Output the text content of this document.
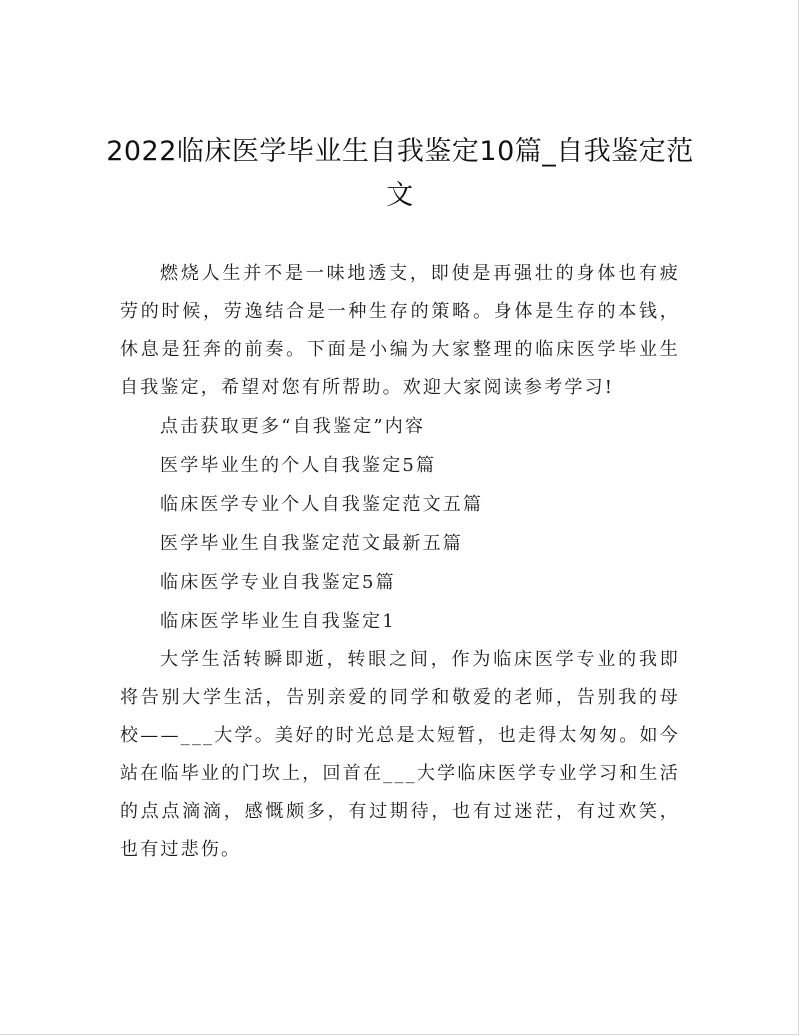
2022临床医学毕业生自我鉴定10篇_自我鉴定范文

燃烧人生并不是一味地透支，即使是再强壮的身体也有疲劳的时候，劳逸结合是一种生存的策略。身体是生存的本钱，休息是狂奔的前奏。下面是小编为大家整理的临床医学毕业生自我鉴定，希望对您有所帮助。欢迎大家阅读参考学习!

点击获取更多“自我鉴定”内容

医学毕业生的个人自我鉴定5篇

临床医学专业个人自我鉴定范文五篇

医学毕业生自我鉴定范文最新五篇

临床医学专业自我鉴定5篇

临床医学毕业生自我鉴定1

大学生活转瞬即逝，转眼之间，作为临床医学专业的我即将告别大学生活，告别亲爱的同学和敬爱的老师，告别我的母校——___大学。美好的时光总是太短暂，也走得太匆匆。如今站在临毕业的门坎上，回首在___大学临床医学专业学习和生活的点点滴滴，感慨颇多，有过期待，也有过迷茫，有过欢笑，也有过悲伤。
